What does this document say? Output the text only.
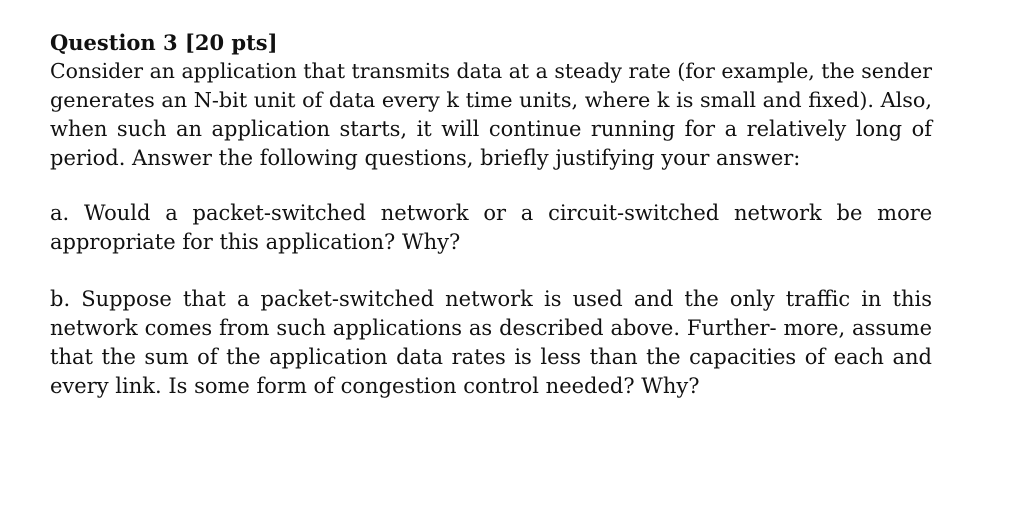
Question 3 [20 pts]
Consider an application that transmits data at a steady rate (for example, the sender
generates an N-bit unit of data every k time units, where k is small and fixed). Also,
when such an application starts, it will continue running for a relatively long of
period. Answer the following questions, briefly justifying your answer:
a. Would a packet-switched network or a circuit-switched network be more
appropriate for this application? Why?
b. Suppose that a packet-switched network is used and the only traffic in this
network comes from such applications as described above. Further- more, assume
that the sum of the application data rates is less than the capacities of each and
every link. Is some form of congestion control needed? Why?
